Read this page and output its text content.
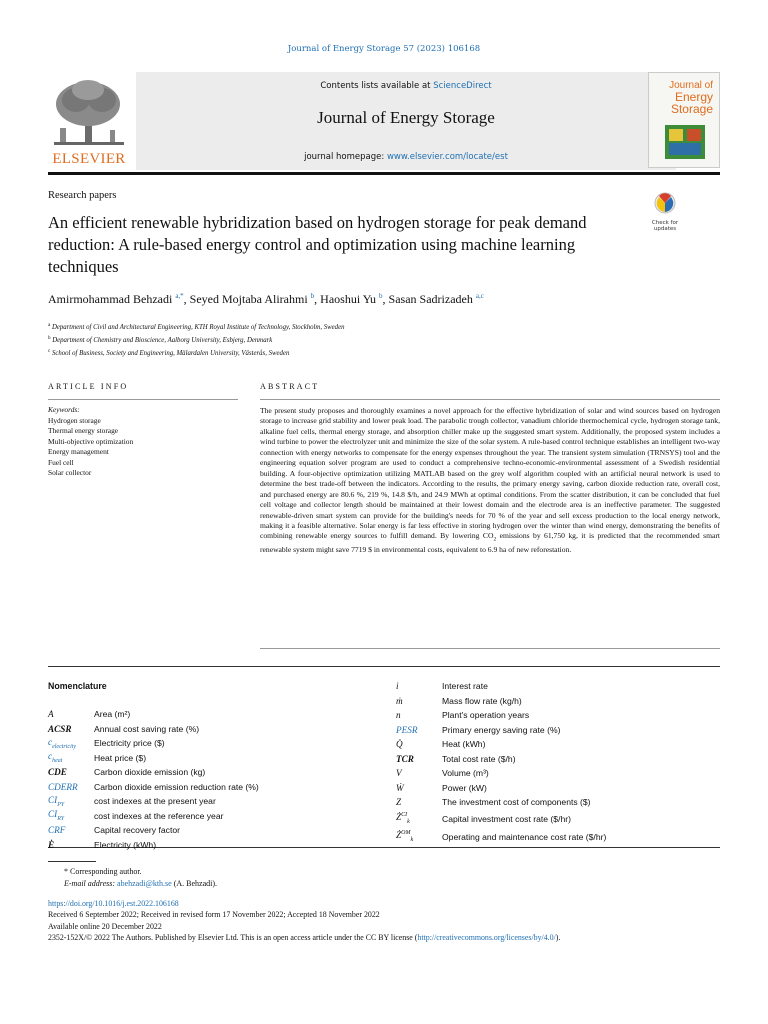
Journal of Energy Storage 57 (2023) 106168
ELSEVIER
Contents lists available at ScienceDirect
Journal of Energy Storage
journal homepage: www.elsevier.com/locate/est
Journal of
Energy
Storage
Research papers
An efficient renewable hybridization based on hydrogen storage for peak demand reduction: A rule-based energy control and optimization using machine learning techniques
Check for
updates
Amirmohammad Behzadi $^{a,*}$, Seyed Mojtaba Alirahmi $^b$, Haoshui Yu $^b$, Sasan Sadrizadeh $^{a,c}$
$^a$ Department of Civil and Architectural Engineering, KTH Royal Institute of Technology, Stockholm, Sweden
$^b$ Department of Chemistry and Bioscience, Aalborg University, Esbjerg, Denmark
$^c$ School of Business, Society and Engineering, Mälardalen University, Västerås, Sweden
ARTICLE INFO	ABSTRACT
Keywords:
Hydrogen storage
Thermal energy storage
Multi-objective optimization
Energy management
Fuel cell
Solar collector
The present study proposes and thoroughly examines a novel approach for the effective hybridization of solar and wind sources based on hydrogen storage to increase grid stability and lower peak load. The parabolic trough collector, vanadium chloride thermochemical cycle, hydrogen storage tank, alkaline fuel cells, thermal energy storage, and absorption chiller make up the suggested smart system. Additionally, the proposed system includes a wind turbine to power the electrolyzer unit and minimize the size of the solar system. A rule-based control technique establishes an intelligent two-way connection with energy networks to compensate for the energy expenses throughout the year. The transient system simulation (TRNSYS) tool and the engineering equation solver program are used to conduct a comprehensive techno-economic-environmental assessment of a Swedish residential building. A four-objective optimization utilizing MATLAB based on the grey wolf algorithm coupled with an artificial neural network is used to determine the best trade-off between the indicators. According to the results, the primary energy saving, carbon dioxide reduction rate, overall cost, and purchased energy are 80.6 %, 219 %, 14.8 $/h, and 24.9 MWh at optimal conditions. From the scatter distribution, it can be concluded that fuel cell voltage and collector length should be maintained at their lowest domain and the electrode area is an ineffective parameter. The suggested renewable-driven smart system can provide for the building's needs for 70 % of the year and sell excess production to the local energy network, making it a feasible alternative. Solar energy is far less effective in storing hydrogen over the winter than wind energy, demonstrating the benefits of combining renewable energy sources to fulfill demand. By lowering $CO_2$ emissions by 61,750 kg, it is predicted that the recommended smart renewable system might save 7719 $ in environmental costs, equivalent to 6.9 ha of new reforestation.
Nomenclature
A	Area (m²)
ACSR	Annual cost saving rate (%)
$c_{electricity}$	Electricity price ($)
$c_{heat}$	Heat price ($)
CDE	Carbon dioxide emission (kg)
CDERR	Carbon dioxide emission reduction rate (%)
$CI_{PY}$	cost indexes at the present year
$CI_{RY}$	cost indexes at the reference year
CRF	Capital recovery factor
Ė	Electricity (kWh)
i	Interest rate
ṁ	Mass flow rate (kg/h)
n	Plant's operation years
PESR	Primary energy saving rate (%)
Q̇	Heat (kWh)
TCR	Total cost rate ($/h)
V	Volume (m³)
Ẇ	Power (kW)
Z	The investment cost of components ($)
$Ż^{CI}_k$	Capital investment cost rate ($/hr)
$Ż^{OM}_k$	Operating and maintenance cost rate ($/hr)
* Corresponding author.
E-mail address: abehzadi@kth.se (A. Behzadi).
https://doi.org/10.1016/j.est.2022.106168
Received 6 September 2022; Received in revised form 17 November 2022; Accepted 18 November 2022
Available online 20 December 2022
2352-152X/© 2022 The Authors. Published by Elsevier Ltd. This is an open access article under the CC BY license (http://creativecommons.org/licenses/by/4.0/).
